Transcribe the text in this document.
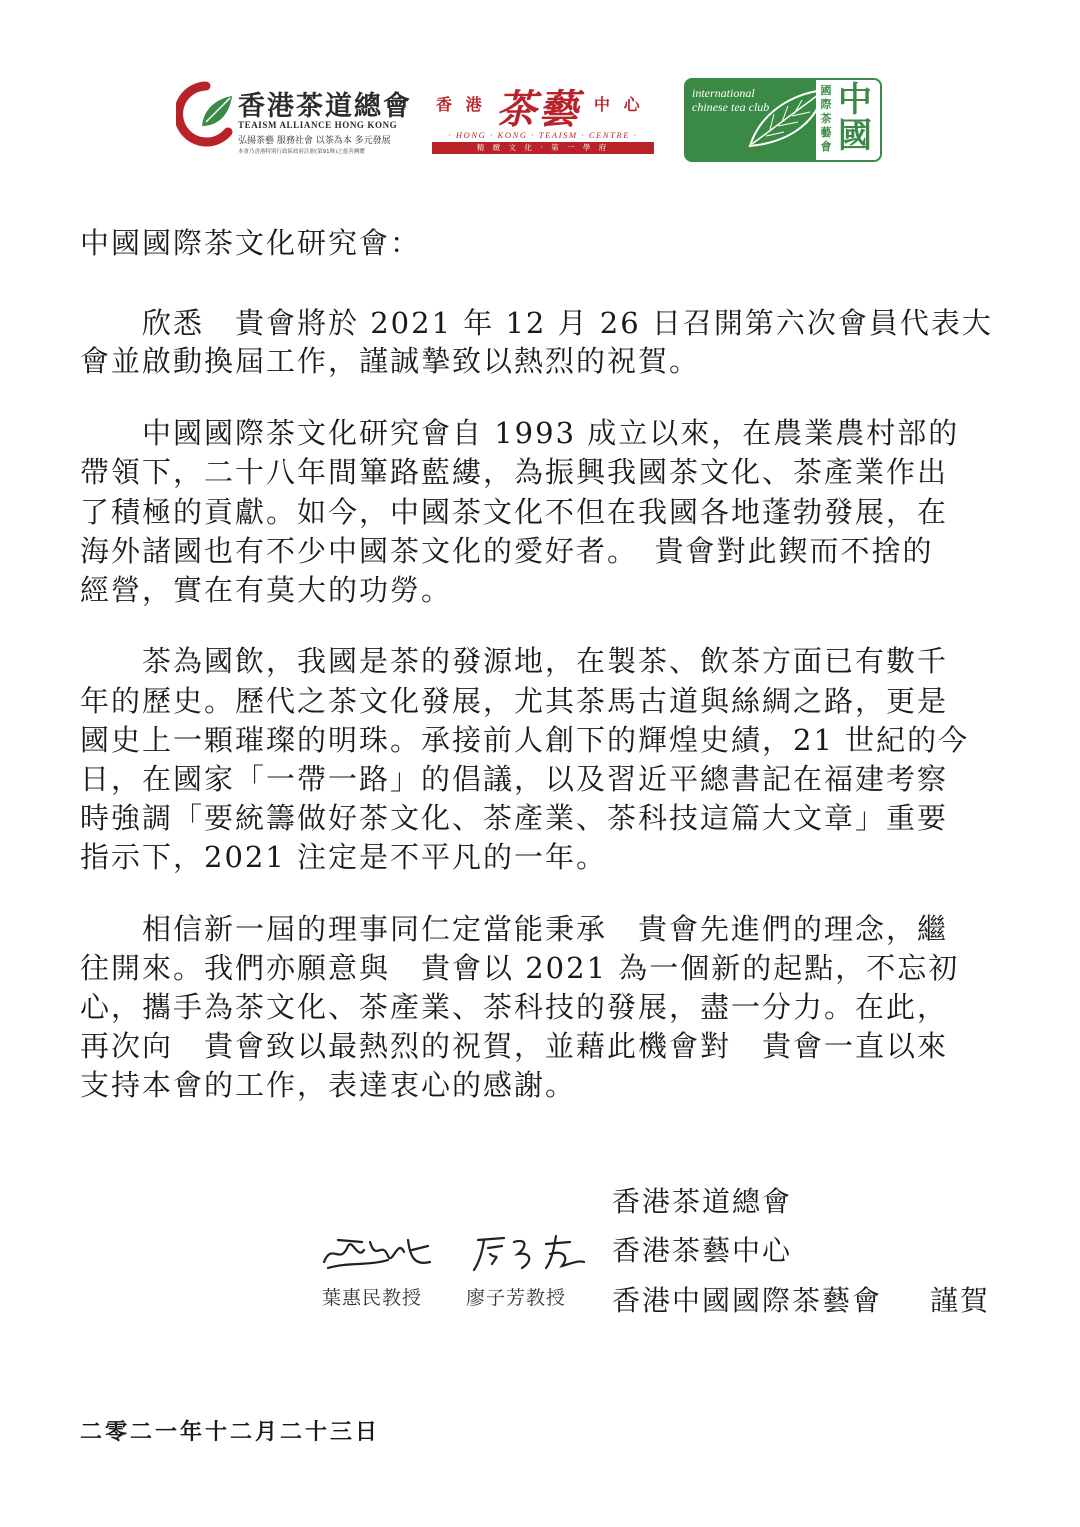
香港茶道總會
TEAISM ALLIANCE HONG KONG
弘揚茶藝 服務社會 以茶為本 多元發展
本會乃香港特別行政區政府註冊(第91條)之慈善團體
香 港 茶藝 中 心
· HONG · KONG · TEAISM · CENTRE ·
精 緻 文 化 · 第 一 學 府
international chinese tea club
國際茶藝會
中國
中國國際茶文化研究會：
　　欣悉　貴會將於 2021 年 12 月 26 日召開第六次會員代表大
會並啟動換屆工作，謹誠摯致以熱烈的祝賀。
　　中國國際茶文化研究會自 1993 成立以來，在農業農村部的
帶領下，二十八年間篳路藍縷，為振興我國茶文化、茶產業作出
了積極的貢獻。如今，中國茶文化不但在我國各地蓬勃發展，在
海外諸國也有不少中國茶文化的愛好者。　貴會對此鍥而不捨的
經營，實在有莫大的功勞。
　　茶為國飲，我國是茶的發源地，在製茶、飲茶方面已有數千
年的歷史。歷代之茶文化發展，尤其茶馬古道與絲綢之路，更是
國史上一顆璀璨的明珠。承接前人創下的輝煌史績，21 世紀的今
日，在國家「一帶一路」的倡議，以及習近平總書記在福建考察
時強調「要統籌做好茶文化、茶產業、茶科技這篇大文章」重要
指示下，2021 注定是不平凡的一年。
　　相信新一屆的理事同仁定當能秉承　貴會先進們的理念，繼
往開來。我們亦願意與　貴會以 2021 為一個新的起點，不忘初
心，攜手為茶文化、茶產業、茶科技的發展，盡一分力。在此，
再次向　貴會致以最熱烈的祝賀，並藉此機會對　貴會一直以來
支持本會的工作，表達衷心的感謝。
葉惠民教授 廖子芳教授
香港茶道總會
香港茶藝中心
香港中國國際茶藝會 謹賀
二零二一年十二月二十三日
